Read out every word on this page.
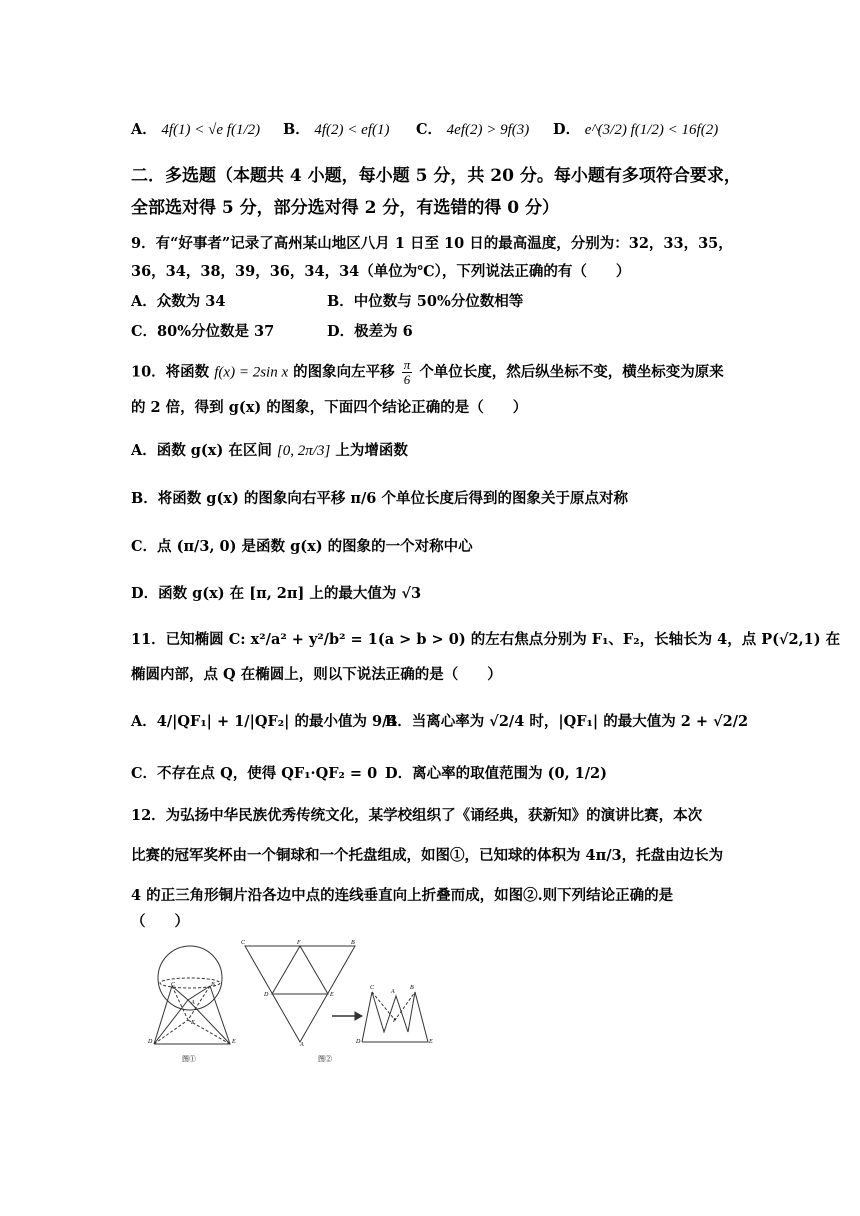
A． 4f(1) < √e f(1/2) B． 4f(2) < ef(1) C． 4ef(2) > 9f(3) D． e^(3/2) f(1/2) < 16f(2)
二．多选题（本题共 4 小题，每小题 5 分，共 20 分。每小题有多项符合要求，
全部选对得 5 分，部分选对得 2 分，有选错的得 0 分）
9．有“好事者”记录了高州某山地区八月 1 日至 10 日的最高温度，分别为：32，33，35，
36，34，38，39，36，34，34（单位为℃），下列说法正确的有（　　）
A．众数为 34	B．中位数与 50%分位数相等
C．80%分位数是 37	D．极差为 6
10．将函数 f(x) = 2sin x 的图象向左平移 $\frac{\pi}{6}$ 个单位长度，然后纵坐标不变，横坐标变为原来
的 2 倍，得到 g(x) 的图象，下面四个结论正确的是（　　）
A．函数 g(x) 在区间 [0, 2π/3] 上为增函数
B．将函数 g(x) 的图象向右平移 π/6 个单位长度后得到的图象关于原点对称
C．点 (π/3, 0) 是函数 g(x) 的图象的一个对称中心
D．函数 g(x) 在 [π, 2π] 上的最大值为 √3
11．已知椭圆 C: x²/a² + y²/b² = 1(a > b > 0) 的左右焦点分别为 F₁、F₂，长轴长为 4，点 P(√2,1) 在
椭圆内部，点 Q 在椭圆上，则以下说法正确的是（　　）
A．4/|QF₁| + 1/|QF₂| 的最小值为 9/4
B．当离心率为 √2/4 时，|QF₁| 的最大值为 2 + √2/2
C．不存在点 Q，使得 QF₁·QF₂ = 0 D．离心率的取值范围为 (0, 1/2)
12．为弘扬中华民族优秀传统文化，某学校组织了《诵经典，获新知》的演讲比赛，本次
比赛的冠军奖杯由一个铜球和一个托盘组成，如图①，已知球的体积为 4π/3，托盘由边长为
4 的正三角形铜片沿各边中点的连线垂直向上折叠而成，如图②.则下列结论正确的是
（　　）
C	B
A
F
D	E
C	F	B
D	E
A
C
A
B
F
D	E
图①	图②
